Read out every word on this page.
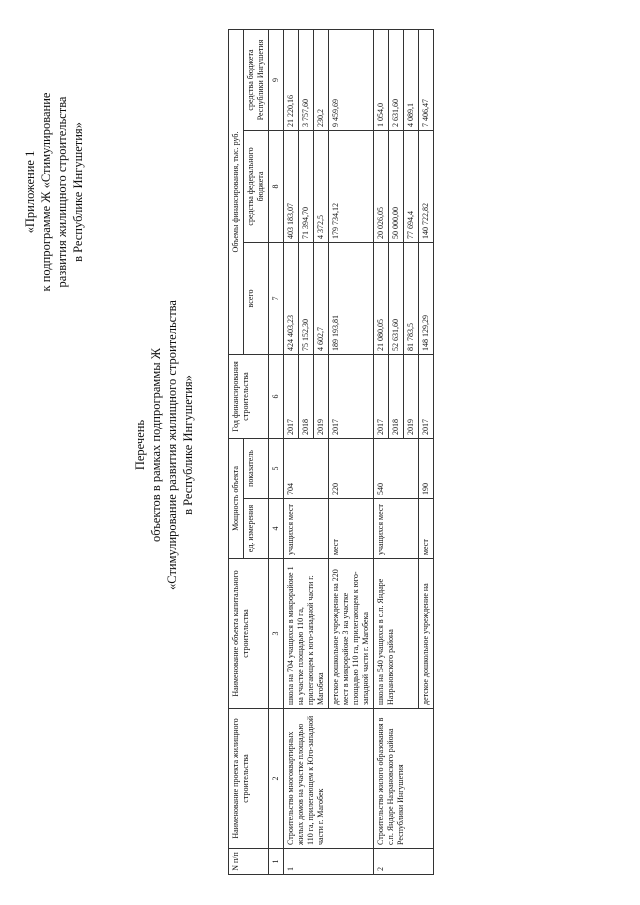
«Приложение 1 к подпрограмме Ж «Стимулирование развития жилищного строительства в Республике Ингушетия»
Перечень объектов в рамках подпрограммы Ж «Стимулирование развития жилищного строительства в Республике Ингушетия»
N п/п	Наименование проекта жилищного строительства	Наименование объекта капитального строительства	Мощность объекта		Год финансирования строительства	Объемы финансирования, тыс. руб.		
			ед. измерения	показатель		всего	средства федерального бюджета	средства бюджета Республики Ингушетия
1	2	3	4	5	6	7	8	9
1	Строительство многоквартирных жилых домов на участке площадью 110 га, прилегающем к Юго-западной части г. Магобек	школа на 704 учащихся в микрорайоне 1 на участке площадью 110 га, прилегающем к юго-западной части г. Магобека	учащихся мест	704	2017	424 403,23	403 183,07	21 220,16
					2018	75 152,30	71 394,70	3 757,60
					2019	4 602,7	4 372,5	230,2
		детское дошкольное учреждение на 220 мест в микрорайоне 3 на участке площадью 110 га, прилегающем к юго-западной части г. Магобека	мест	220	2017	189 193,81	179 734,12	9 459,69
2	Строительство жилого образования в с.п. Яндаре Назрановского района Республики Ингушетия	школа на 540 учащихся в с.п. Яндаре Назрановского района	учащихся мест	540	2017	21 080,05	20 026,05	1 054,0
					2018	52 631,60	50 000,00	2 631,60
					2019	81 783,5	77 694,4	4 089,1
		детское дошкольное учреждение на	мест	190	2017	148 129,29	140 722,82	7 406,47
